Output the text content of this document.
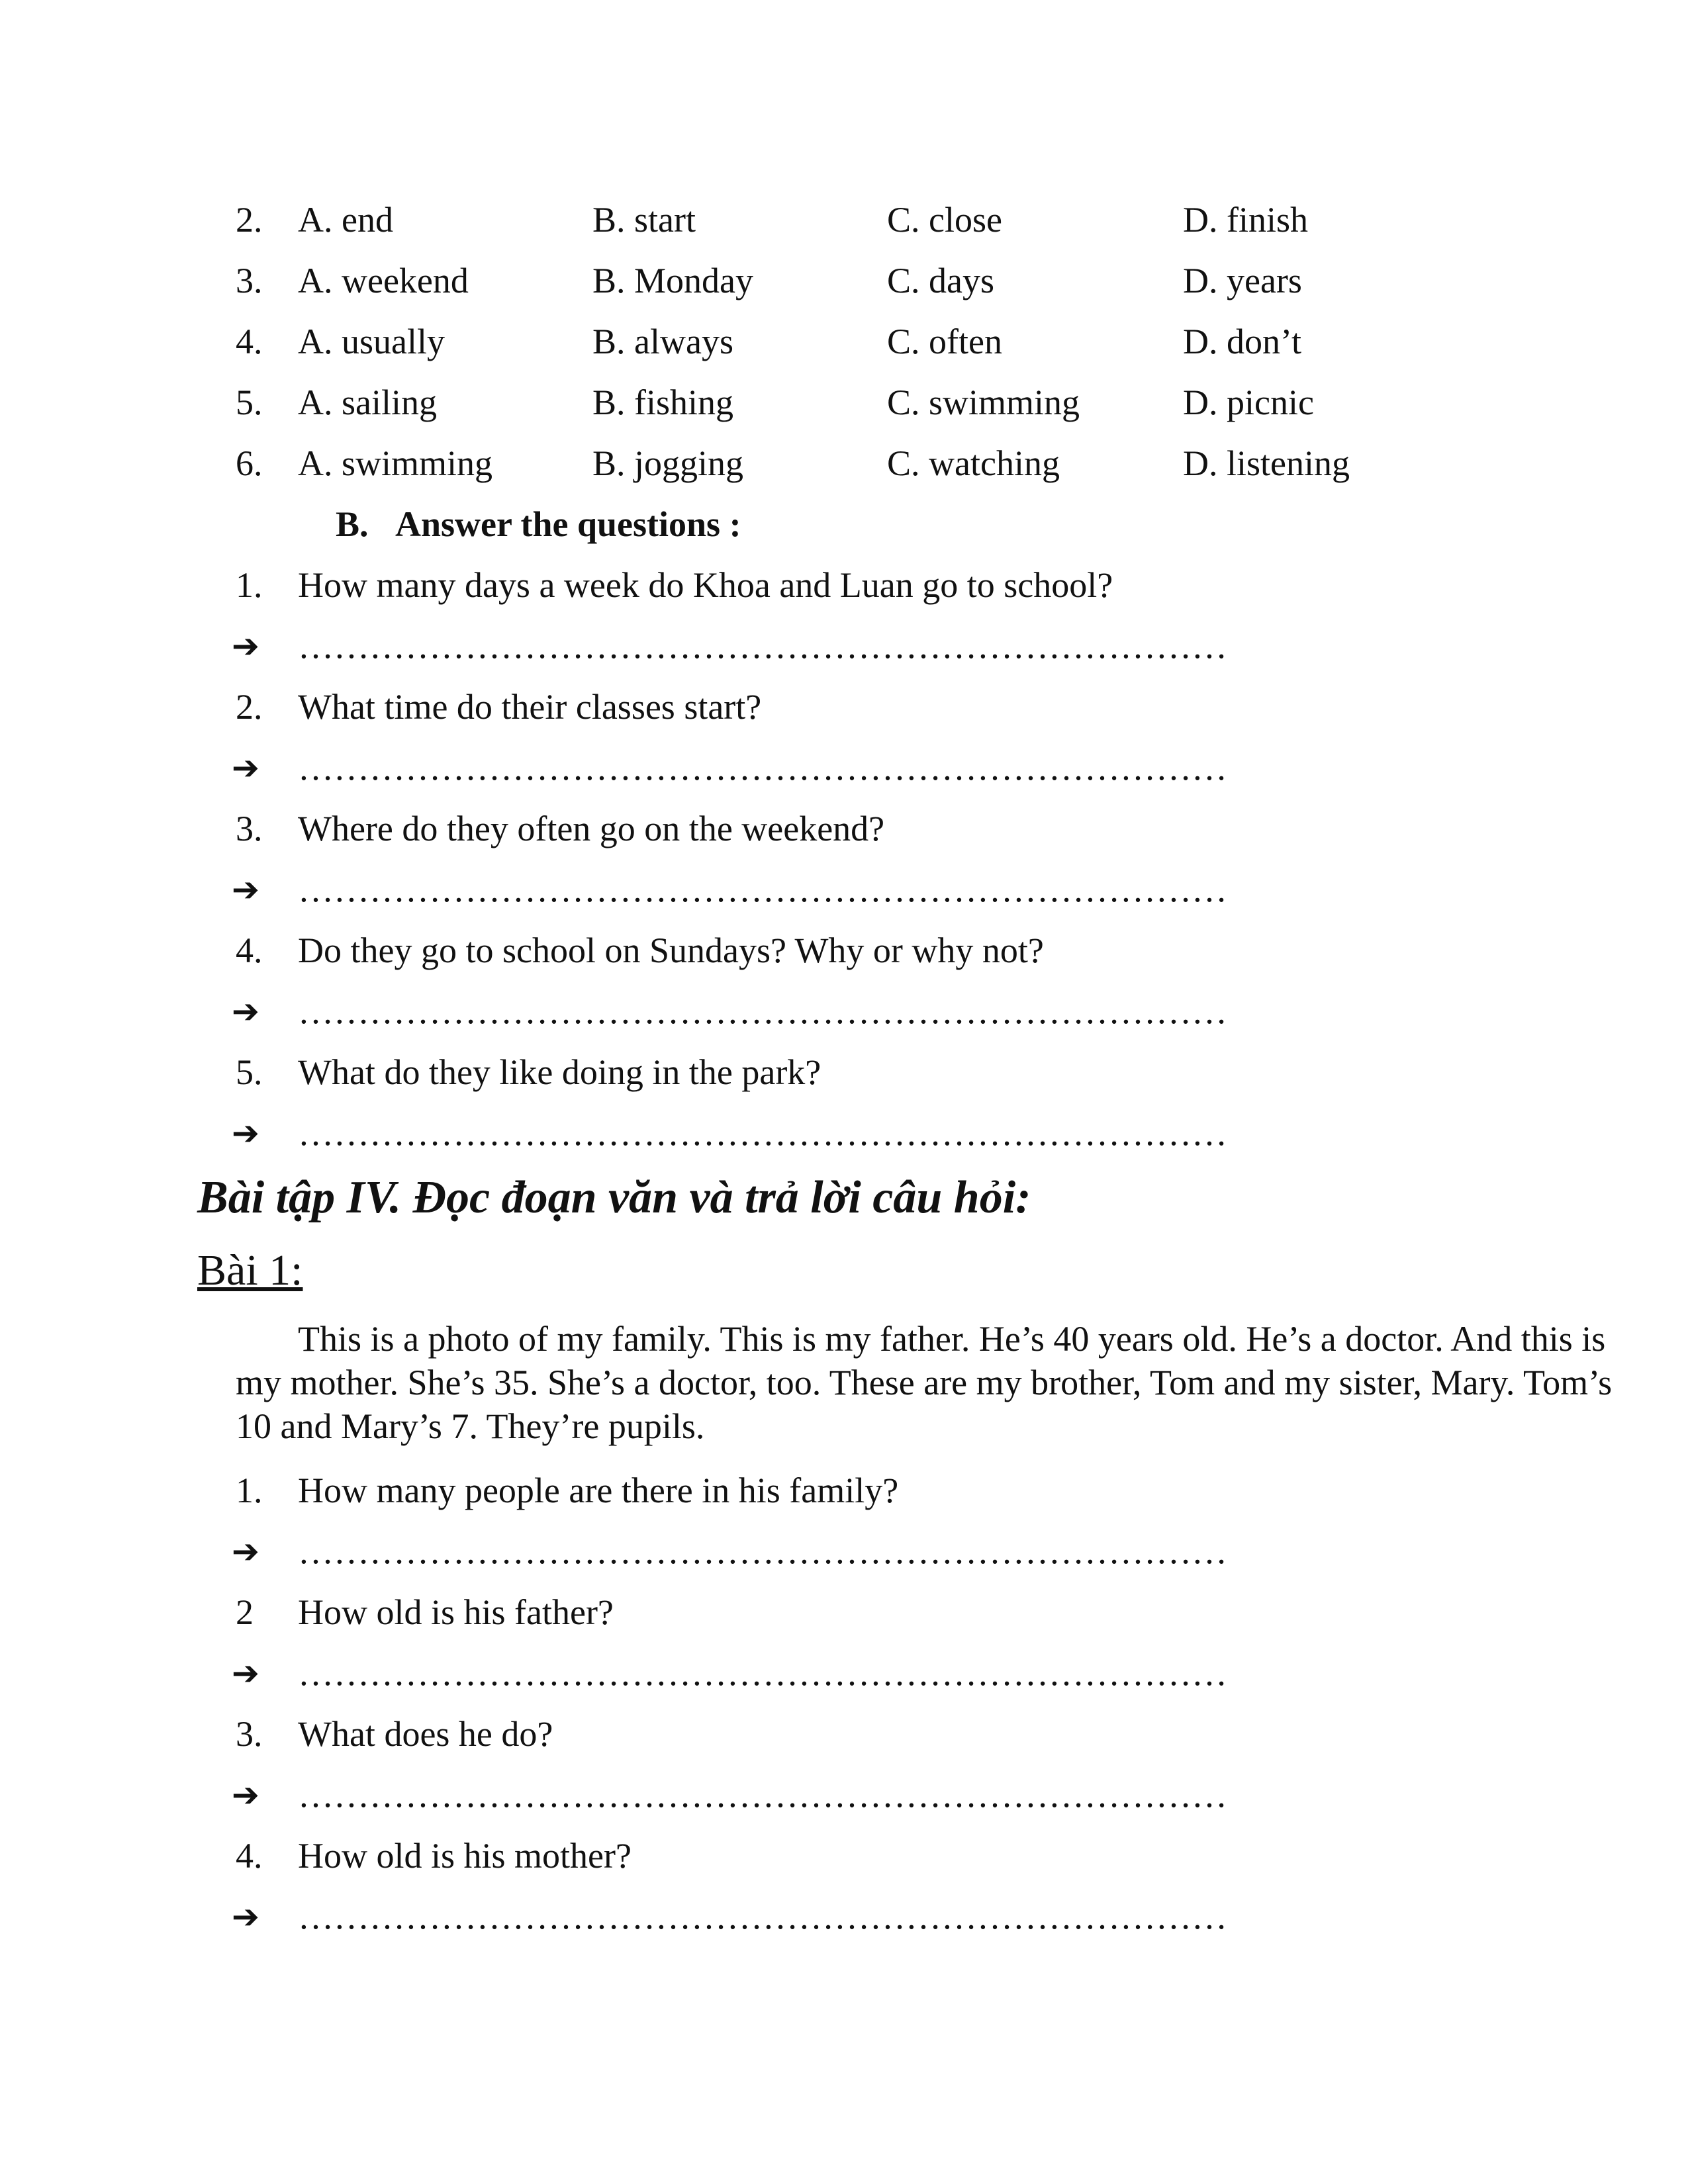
2. A. end	B. start	C. close	D. finish
3. A. weekend	B. Monday	C. days	D. years
4. A. usually	B. always	C. often	D. don’t
5. A. sailing	B. fishing	C. swimming	D. picnic
6. A. swimming	B. jogging	C. watching	D. listening
B. Answer the questions :
1. How many days a week do Khoa and Luan go to school?
➔ ……………………………………………………………………
2. What time do their classes start?
➔ ……………………………………………………………………
3. Where do they often go on the weekend?
➔ ……………………………………………………………………
4. Do they go to school on Sundays? Why or why not?
➔ ……………………………………………………………………
5. What do they like doing in the park?
➔ ……………………………………………………………………
Bài tập IV. Đọc đoạn văn và trả lời câu hỏi:
Bài 1:
This is a photo of my family. This is my father. He’s 40 years old. He’s a doctor. And this is my mother. She’s 35. She’s a doctor, too. These are my brother, Tom and my sister, Mary. Tom’s 10 and Mary’s 7. They’re pupils.
1. How many people are there in his family?
➔ ……………………………………………………………………
2 How old is his father?
➔ ……………………………………………………………………
3. What does he do?
➔ ……………………………………………………………………
4. How old is his mother?
➔ ……………………………………………………………………
